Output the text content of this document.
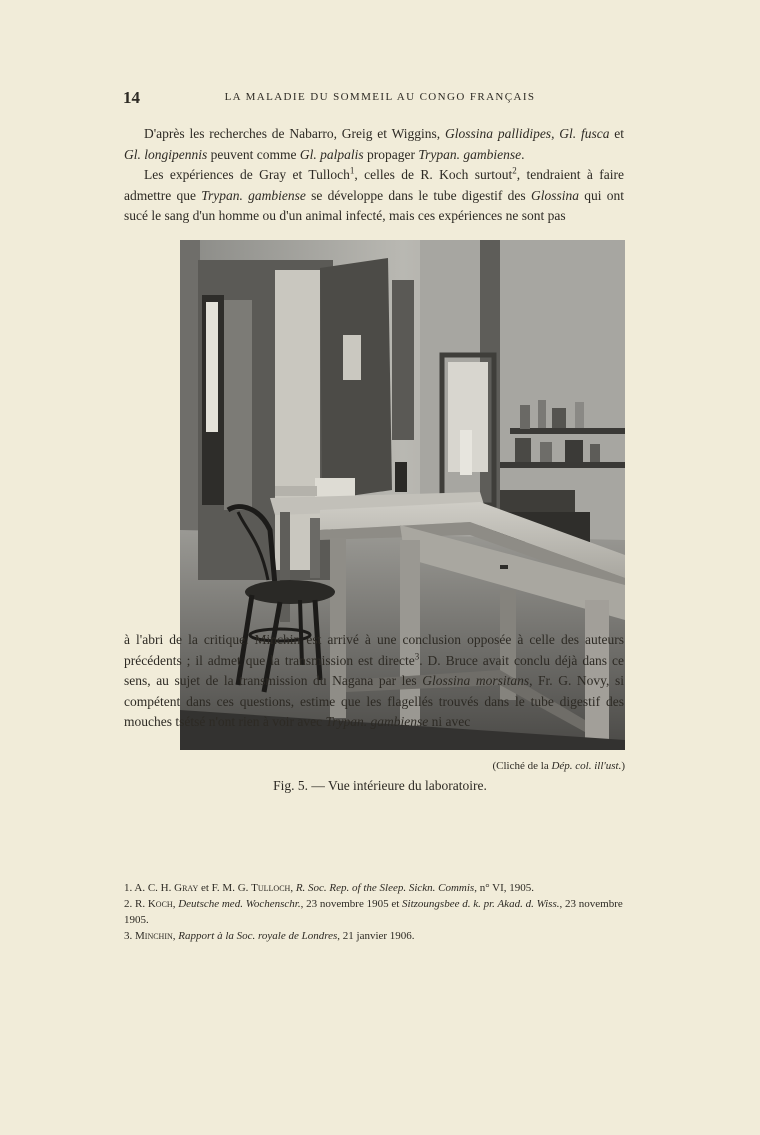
14	LA MALADIE DU SOMMEIL AU CONGO FRANÇAIS
D'après les recherches de Nabarro, Greig et Wiggins, Glossina pallidipes, Gl. fusca et Gl. longipennis peuvent comme Gl. palpalis propager Trypan. gambiense.
Les expériences de Gray et Tulloch$^1$, celles de R. Koch surtout$^2$, tendraient à faire admettre que Trypan. gambiense se développe dans le tube digestif des Glossina qui ont sucé le sang d'un homme ou d'un animal infecté, mais ces expériences ne sont pas
(Cliché de la Dép. col. ill'ust.)
Fig. 5. — Vue intérieure du laboratoire.
à l'abri de la critique. Minchin est arrivé à une conclusion opposée à celle des auteurs précédents ; il admet que la transmission est directe$^3$. D. Bruce avait conclu déjà dans ce sens, au sujet de la transmission du Nagana par les Glossina morsitans, Fr. G. Novy, si compétent dans ces questions, estime que les flagellés trouvés dans le tube digestif des mouches tsétsé n'ont rien à voir avec Trypan. gambiense ni avec

1. A. C. H. Gray et F. M. G. Tulloch, R. Soc. Rep. of the Sleep. Sickn. Commis, n° VI, 1905.

2. R. Koch, Deutsche med. Wochenschr., 23 novembre 1905 et Sitzoungsbee d. k. pr. Akad. d. Wiss., 23 novembre 1905.

3. Minchin, Rapport à la Soc. royale de Londres, 21 janvier 1906.
